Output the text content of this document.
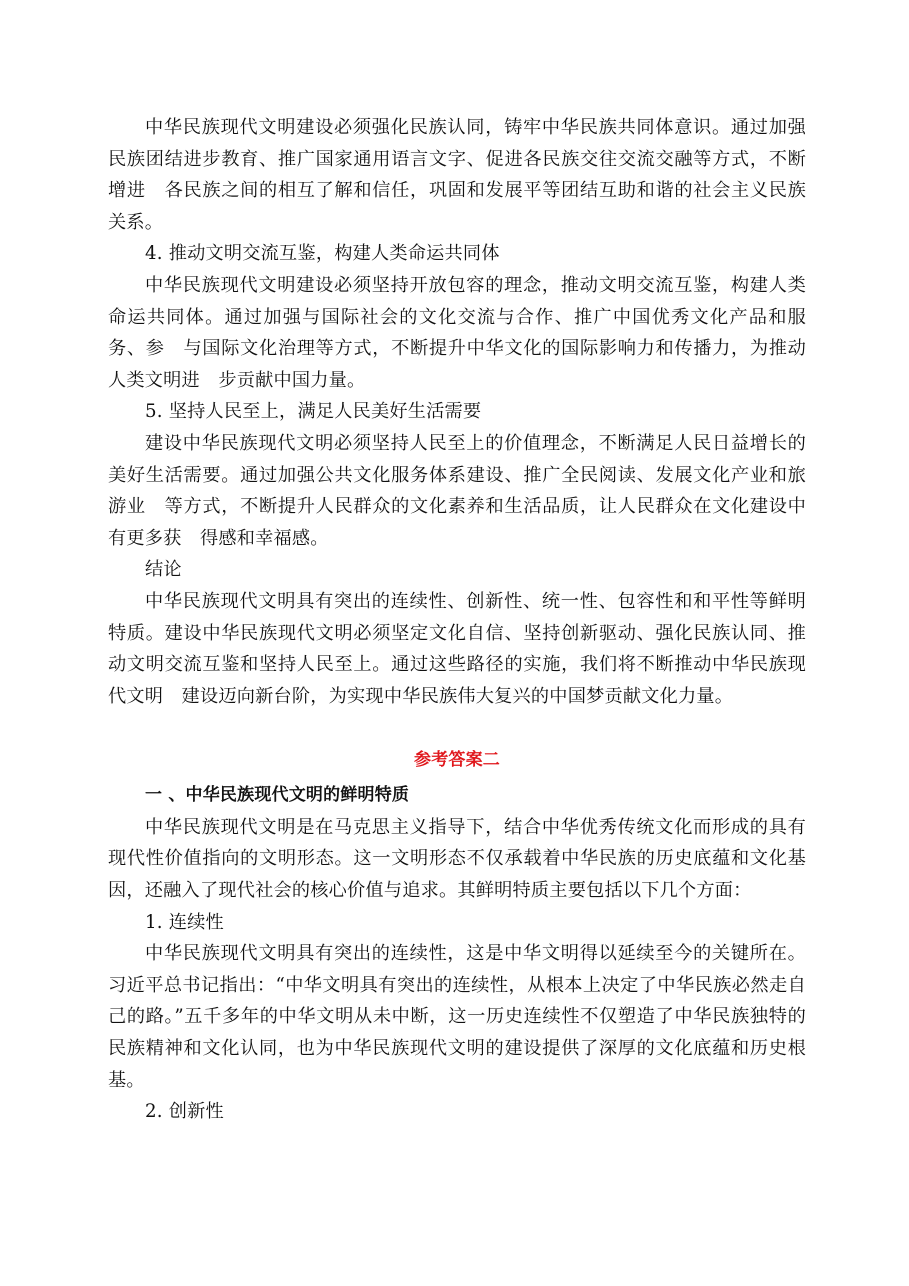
中华民族现代文明建设必须强化民族认同，铸牢中华民族共同体意识。通过加强民族团结进步教育、推广国家通用语言文字、促进各民族交往交流交融等方式，不断增进　各民族之间的相互了解和信任，巩固和发展平等团结互助和谐的社会主义民族关系。

4. 推动文明交流互鉴，构建人类命运共同体

中华民族现代文明建设必须坚持开放包容的理念，推动文明交流互鉴，构建人类命运共同体。通过加强与国际社会的文化交流与合作、推广中国优秀文化产品和服务、参　与国际文化治理等方式，不断提升中华文化的国际影响力和传播力，为推动人类文明进　步贡献中国力量。

5. 坚持人民至上，满足人民美好生活需要

建设中华民族现代文明必须坚持人民至上的价值理念，不断满足人民日益增长的美好生活需要。通过加强公共文化服务体系建设、推广全民阅读、发展文化产业和旅游业　等方式，不断提升人民群众的文化素养和生活品质，让人民群众在文化建设中有更多获　得感和幸福感。

结论

中华民族现代文明具有突出的连续性、创新性、统一性、包容性和和平性等鲜明特质。建设中华民族现代文明必须坚定文化自信、坚持创新驱动、强化民族认同、推动文明交流互鉴和坚持人民至上。通过这些路径的实施，我们将不断推动中华民族现代文明　建设迈向新台阶，为实现中华民族伟大复兴的中国梦贡献文化力量。

参考答案二

一 、中华民族现代文明的鲜明特质

中华民族现代文明是在马克思主义指导下，结合中华优秀传统文化而形成的具有现代性价值指向的文明形态。这一文明形态不仅承载着中华民族的历史底蕴和文化基因，还融入了现代社会的核心价值与追求。其鲜明特质主要包括以下几个方面：

1. 连续性

中华民族现代文明具有突出的连续性，这是中华文明得以延续至今的关键所在。习近平总书记指出：“中华文明具有突出的连续性，从根本上决定了中华民族必然走自己的路。”五千多年的中华文明从未中断，这一历史连续性不仅塑造了中华民族独特的民族精神和文化认同，也为中华民族现代文明的建设提供了深厚的文化底蕴和历史根基。

2. 创新性
